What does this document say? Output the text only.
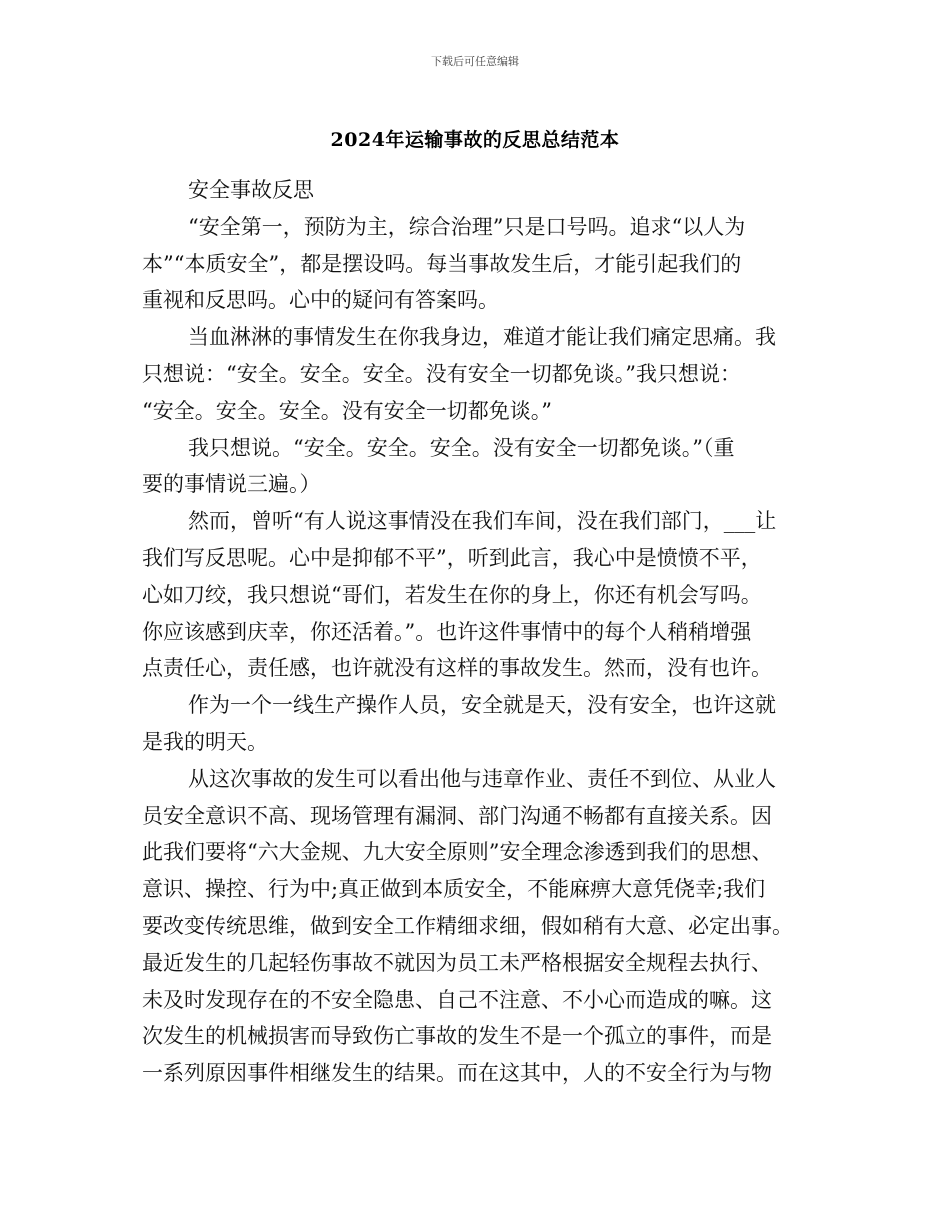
下载后可任意编辑
2024年运输事故的反思总结范本
安全事故反思
“安全第一，预防为主，综合治理”只是口号吗。追求“以人为
本”“本质安全”，都是摆设吗。每当事故发生后，才能引起我们的
重视和反思吗。心中的疑问有答案吗。
当血淋淋的事情发生在你我身边，难道才能让我们痛定思痛。我
只想说：“安全。安全。安全。没有安全一切都免谈。”我只想说：
“安全。安全。安全。没有安全一切都免谈。”
我只想说。“安全。安全。安全。没有安全一切都免谈。”（重
要的事情说三遍。）
然而，曾听“有人说这事情没在我们车间，没在我们部门，___让
我们写反思呢。心中是抑郁不平”，听到此言，我心中是愤愤不平，
心如刀绞，我只想说“哥们，若发生在你的身上，你还有机会写吗。
你应该感到庆幸，你还活着。”。也许这件事情中的每个人稍稍增强
点责任心，责任感，也许就没有这样的事故发生。然而，没有也许。
作为一个一线生产操作人员，安全就是天，没有安全，也许这就
是我的明天。
从这次事故的发生可以看出他与违章作业、责任不到位、从业人
员安全意识不高、现场管理有漏洞、部门沟通不畅都有直接关系。因
此我们要将“六大金规、九大安全原则”安全理念渗透到我们的思想、
意识、操控、行为中;真正做到本质安全，不能麻痹大意凭侥幸;我们
要改变传统思维，做到安全工作精细求细，假如稍有大意、必定出事。
最近发生的几起轻伤事故不就因为员工未严格根据安全规程去执行、
未及时发现存在的不安全隐患、自己不注意、不小心而造成的嘛。这
次发生的机械损害而导致伤亡事故的发生不是一个孤立的事件，而是
一系列原因事件相继发生的结果。而在这其中，人的不安全行为与物
